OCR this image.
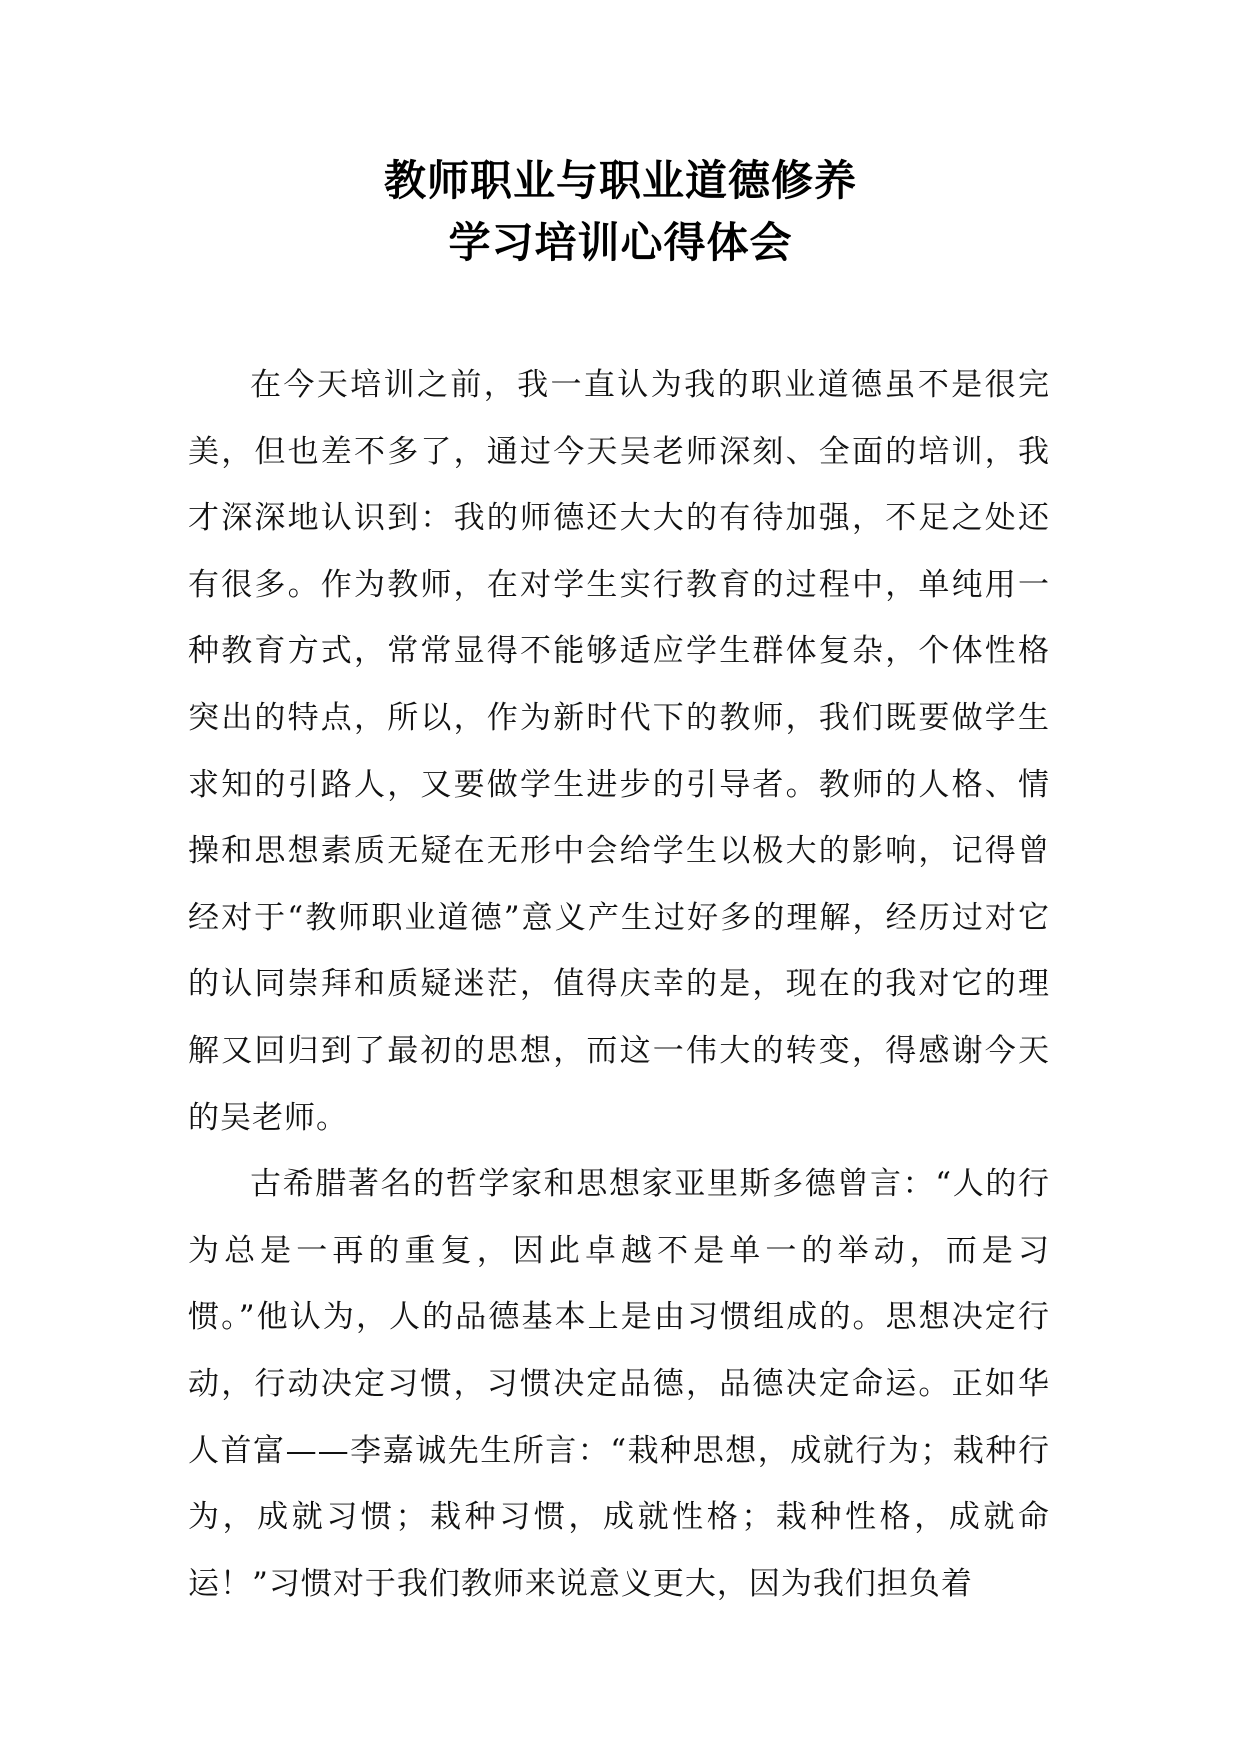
教师职业与职业道德修养
学习培训心得体会

在今天培训之前，我一直认为我的职业道德虽不是很完美，但也差不多了，通过今天吴老师深刻、全面的培训，我才深深地认识到：我的师德还大大的有待加强，不足之处还有很多。作为教师，在对学生实行教育的过程中，单纯用一种教育方式，常常显得不能够适应学生群体复杂，个体性格突出的特点，所以，作为新时代下的教师，我们既要做学生求知的引路人，又要做学生进步的引导者。教师的人格、情操和思想素质无疑在无形中会给学生以极大的影响，记得曾经对于“教师职业道德”意义产生过好多的理解，经历过对它的认同崇拜和质疑迷茫，值得庆幸的是，现在的我对它的理解又回归到了最初的思想，而这一伟大的转变，得感谢今天的吴老师。

古希腊著名的哲学家和思想家亚里斯多德曾言：“人的行为总是一再的重复，因此卓越不是单一的举动，而是习惯。”他认为，人的品德基本上是由习惯组成的。思想决定行动，行动决定习惯，习惯决定品德，品德决定命运。正如华人首富——李嘉诚先生所言：“栽种思想，成就行为；栽种行为，成就习惯；栽种习惯，成就性格；栽种性格，成就命运！”习惯对于我们教师来说意义更大，因为我们担负着
